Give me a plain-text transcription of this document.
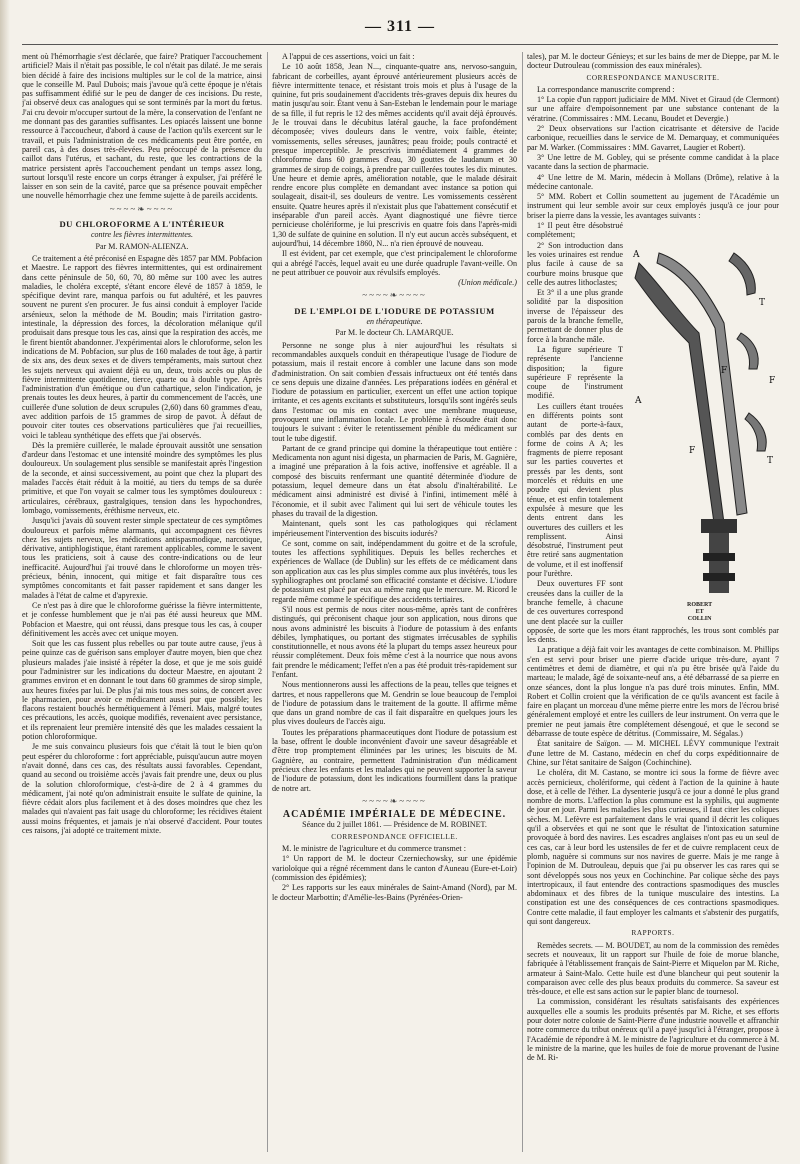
— 311 —

ment où l'hémorrhagie s'est déclarée, que faire? Pratiquer l'accouchement artificiel? Mais il n'était pas possible, le col n'était pas dilaté. Je me serais bien décidé à faire des incisions multiples sur le col de la matrice, ainsi que le conseille M. Paul Dubois; mais j'avoue qu'à cette époque je n'étais pas suffisamment édifié sur le peu de danger de ces incisions. Du reste, j'ai observé deux cas analogues qui se sont terminés par la mort du fœtus. J'ai cru devoir m'occuper surtout de la mère, la conservation de l'enfant ne me donnant pas des garanties suffisantes. Les opiacés laissent une bonne ressource à l'accoucheur, d'abord à cause de l'action qu'ils exercent sur le travail, et puis l'administration de ces médicaments peut être portée, en pareil cas, à des doses très-élevées. Peu préoccupé de la présence du caillot dans l'utérus, et sachant, du reste, que les contractions de la matrice persistent après l'accouchement pendant un temps assez long, surtout lorsqu'il reste encore un corps étranger à expulser, j'ai préféré le laisser en son sein de la cavité, parce que sa présence pouvait empêcher une nouvelle hémorrhagie chez une femme sujette à de pareils accidents.

~~~~❧~~~~
DU CHLOROFORME A L'INTÉRIEUR
contre les fièvres intermittentes.
Par M. RAMON-ALIENZA.

Ce traitement a été préconisé en Espagne dès 1857 par MM. Pobfacion et Maestre. Le rapport des fièvres intermittentes, qui est ordinairement dans cette péninsule de 50, 60, 70, 80 même sur 100 avec les autres maladies, le choléra excepté, s'étant encore élevé de 1857 à 1859, le spécifique devint rare, manqua parfois ou fut adultéré, et les pauvres souvent ne purent s'en procurer. Je fus ainsi conduit à employer l'acide arsénieux, selon la méthode de M. Boudin; mais l'irritation gastro-intestinale, la dépression des forces, la décoloration mélanique qu'il produisait dans presque tous les cas, ainsi que la respiration des accès, me le firent bientôt abandonner. J'expérimentai alors le chloroforme, selon les indications de M. Pobfacion, sur plus de 160 malades de tout âge, à partir de six ans, des deux sexes et de divers tempéraments, mais surtout chez les sujets nerveux qui avaient déjà eu un, deux, trois accès ou plus de fièvre intermittente quotidienne, tierce, quarte ou à double type. Après l'administration d'un émétique ou d'un cathartique, selon l'indication, je prenais toutes les deux heures, à partir du commencement de l'accès, une cuillerée d'une solution de deux scrupules (2,60) dans 60 grammes d'eau, avec addition parfois de 15 grammes de sirop de pavot. À défaut de pouvoir citer toutes ces observations particulières que j'ai recueillies, voici le tableau synthétique des effets que j'ai observés.

Dès la première cuillerée, le malade éprouvait aussitôt une sensation d'ardeur dans l'estomac et une intensité moindre des symptômes les plus douloureux. Un soulagement plus sensible se manifestait après l'ingestion de la seconde, et ainsi successivement, au point que chez la plupart des malades l'accès était réduit à la moitié, au tiers du temps de sa durée primitive, et que l'on voyait se calmer tous les symptômes douloureux : articulaires, cérébraux, gastralgiques, tension dans les hypochondres, lombago, vomissements, éréthisme nerveux, etc.

Jusqu'ici j'avais dû souvent rester simple spectateur de ces symptômes douloureux et parfois même alarmants, qui accompagnent ces fièvres chez les sujets nerveux, les médications antispasmodique, narcotique, dérivative, antiphlogistique, étant rarement applicables, comme le savent tous les praticiens, soit à cause des contre-indications ou de leur inefficacité. Aujourd'hui j'ai trouvé dans le chloroforme un moyen très-précieux, bénin, innocent, qui mitige et fait disparaître tous ces symptômes concomitants et fait passer rapidement et sans danger les malades à l'état de calme et d'apyrexie.

Ce n'est pas à dire que le chloroforme guérisse la fièvre intermittente, et je confesse humblement que je n'ai pas été aussi heureux que MM. Pobfacion et Maestre, qui ont réussi, dans presque tous les cas, à couper définitivement les accès avec cet unique moyen.

Soit que les cas fussent plus rebelles ou par toute autre cause, j'eus à peine quinze cas de guérison sans employer d'autre moyen, bien que chez plusieurs malades j'aie insisté à répéter la dose, et que je me sois guidé pour l'administrer sur les indications du docteur Maestre, en ajoutant 2 grammes environ et en donnant le tout dans 60 grammes de sirop simple, aux heures fixées par lui. De plus j'ai mis tous mes soins, de concert avec le pharmacien, pour avoir ce médicament aussi pur que possible; les flacons restaient bouchés hermétiquement à l'émeri. Mais, malgré toutes ces précautions, les accès, quoique modifiés, revenaient avec persistance, et ils reprenaient leur première intensité dès que les malades cessaient la potion chloroformique.

Je me suis convaincu plusieurs fois que c'était là tout le bien qu'on peut espérer du chloroforme : fort appréciable, puisqu'aucun autre moyen n'avait donné, dans ces cas, des résultats aussi favorables. Cependant, quand au second ou troisième accès j'avais fait prendre une, deux ou plus de la solution chloroformique, c'est-à-dire de 2 à 4 grammes du médicament, j'ai noté qu'on administrait ensuite le sulfate de quinine, la fièvre cédait alors plus facilement et à des doses moindres que chez les malades qui n'avaient pas fait usage du chloroforme; les récidives étaient aussi moins fréquentes, et jamais je n'ai observé d'accident. Pour toutes ces raisons, j'ai adopté ce traitement mixte.

A l'appui de ces assertions, voici un fait :

Le 10 août 1858, Jean N..., cinquante-quatre ans, nervoso-sanguin, fabricant de corbeilles, ayant éprouvé antérieurement plusieurs accès de fièvre intermittente tenace, et résistant trois mois et plus à l'usage de la quinine, fut pris soudainement d'accidents très-graves depuis dix heures du matin jusqu'au soir. Étant venu à San-Esteban le lendemain pour le mariage de sa fille, il fut repris le 12 des mêmes accidents qu'il avait déjà éprouvés. Je le trouvai dans le décubitus latéral gauche, la face profondément décomposée; vives douleurs dans le ventre, voix faible, éteinte; vomissements, selles séreuses, jaunâtres; peau froide; pouls contracté et presque imperceptible. Je prescrivis immédiatement 4 grammes de chloroforme dans 60 grammes d'eau, 30 gouttes de laudanum et 30 grammes de sirop de coings, à prendre par cuillerées toutes les dix minutes. Une heure et demie après, amélioration notable, que le malade désirait rendre encore plus complète en demandant avec instance sa potion qui soulageait, disait-il, ses douleurs de ventre. Les vomissements cessèrent ensuite. Quatre heures après il n'existait plus que l'abattement consécutif et inséparable d'un pareil accès. Ayant diagnostiqué une fièvre tierce pernicieuse cholériforme, je lui prescrivis en quatre fois dans l'après-midi 1,30 de sulfate de quinine en solution. Il n'y eut aucun accès subséquent, et aujourd'hui, 14 décembre 1860, N... n'a rien éprouvé de nouveau.

Il est évident, par cet exemple, que c'est principalement le chloroforme qui a abrégé l'accès, lequel avait eu une durée quadruple l'avant-veille. On ne peut attribuer ce pouvoir aux révulsifs employés.

(Union médicale.)
~~~~❧~~~~
DE L'EMPLOI DE L'IODURE DE POTASSIUM
en thérapeutique.
Par M. le docteur Ch. LAMARQUE.

Personne ne songe plus à nier aujourd'hui les résultats si recommandables auxquels conduit en thérapeutique l'usage de l'iodure de potassium, mais il restait encore à combler une lacune dans son mode d'administration. On sait combien d'essais infructueux ont été tentés dans ce sens depuis une dizaine d'années. Les préparations iodées en général et l'iodure de potassium en particulier, exercent un effet une action topique irritante, et ces agents excitants et substituteurs, lorsqu'ils sont ingérés seuls dans l'estomac ou mis en contact avec une membrane muqueuse, provoquent une inflammation locale. Le problème à résoudre était donc toujours le suivant : éviter le retentissement pénible du médicament sur tout le tube digestif.

Partant de ce grand principe qui domine la thérapeutique tout entière : Medicamenta non agunt nisi digesta, un pharmacien de Paris, M. Gagnière, a imaginé une préparation à la fois active, inoffensive et agréable. Il a composé des biscuits renfermant une quantité déterminée d'iodure de potassium, lequel demeure dans un état absolu d'inaltérabilité. Le médicament ainsi administré est divisé à l'infini, intimement mêlé à l'économie, et il subit avec l'aliment qui lui sert de véhicule toutes les phases du travail de la digestion.

Maintenant, quels sont les cas pathologiques qui réclament impérieusement l'intervention des biscuits iodurés?

Ce sont, comme on sait, indépendamment du goitre et de la scrofule, toutes les affections syphilitiques. Depuis les belles recherches et expériences de Wallace (de Dublin) sur les effets de ce médicament dans son application aux cas les plus simples comme aux plus invétérés, tous les syphiliographes ont proclamé son efficacité constante et décisive. L'iodure de potassium est placé par eux au même rang que le mercure. M. Ricord le regarde même comme le spécifique des accidents tertiaires.

S'il nous est permis de nous citer nous-même, après tant de confrères distingués, qui préconisent chaque jour son application, nous dirons que nous avons administré les biscuits à l'iodure de potassium à des enfants débiles, lymphatiques, ou portant des stigmates irrécusables de syphilis constitutionnelle, et nous avons été la plupart du temps assez heureux pour réussir complétement. Deux fois même c'est à la nourrice que nous avons fait prendre le médicament; l'effet n'en a pas été produit très-rapidement sur l'enfant.

Nous mentionnerons aussi les affections de la peau, telles que teignes et dartres, et nous rappellerons que M. Gendrin se loue beaucoup de l'emploi de l'iodure de potassium dans le traitement de la goutte. Il affirme même que dans un grand nombre de cas il fait disparaître en quelques jours les plus vives douleurs de l'accès aigu.

Toutes les préparations pharmaceutiques dont l'iodure de potassium est la base, offrent le double inconvénient d'avoir une saveur désagréable et d'être trop promptement éliminées par les urines; les biscuits de M. Gagnière, au contraire, permettent l'administration d'un médicament précieux chez les enfants et les malades qui ne peuvent supporter la saveur de l'iodure de potassium, dont les indications fourmillent dans la pratique de notre art.

~~~~❧~~~~
ACADÉMIE IMPÉRIALE DE MÉDECINE.
Séance du 2 juillet 1861. — Présidence de M. ROBINET.
CORRESPONDANCE OFFICIELLE.

M. le ministre de l'agriculture et du commerce transmet :

1° Un rapport de M. le docteur Czerniechowsky, sur une épidémie varioloïque qui a régné récemment dans le canton d'Auneau (Eure-et-Loir) (commission des épidémies);

2° Les rapports sur les eaux minérales de Saint-Amand (Nord), par M. le docteur Marbottin; d'Amélie-les-Bains (Pyrénées-Orien-

tales), par M. le docteur Génieys; et sur les bains de mer de Dieppe, par M. le docteur Dutrouleau (commission des eaux minérales).

CORRESPONDANCE MANUSCRITE.

La correspondance manuscrite comprend :

1° La copie d'un rapport judiciaire de MM. Nivet et Giraud (de Clermont) sur une affaire d'empoisonnement par une substance contenant de la vératrine. (Commissaires : MM. Lecanu, Boudet et Devergie.)

2° Deux observations sur l'action cicatrisante et détersive de l'acide carbonique, recueillies dans le service de M. Demarquay, et communiquées par M. Warker. (Commissaires : MM. Gavarret, Laugier et Robert).

3° Une lettre de M. Gobley, qui se présente comme candidat à la place vacante dans la section de pharmacie.

4° Une lettre de M. Marin, médecin à Mollans (Drôme), relative à la médecine cantonale.

5° MM. Robert et Collin soumettent au jugement de l'Académie un instrument qui leur semble avoir sur ceux employés jusqu'à ce jour pour briser la pierre dans la vessie, les avantages suivants :

A
F
T
F
A
T
F
ROBERT
ET
COLLIN

1° Il peut être désobstrué complétement;

2° Son introduction dans les voies urinaires est rendue plus facile à cause de sa courbure moins brusque que celle des autres lithoclastes;

Et 3° il a une plus grande solidité par la disposition inverse de l'épaisseur des parois de la branche femelle, permettant de donner plus de force à la branche mâle.

La figure supérieure T représente l'ancienne disposition; la figure supérieure F représente la coupe de l'instrument modifié.

Les cuillers étant trouées en différents points sont autant de porte-à-faux, comblés par des dents en forme de coins A A; les fragments de pierre reposant sur les parties couvertes et pressés par les dents, sont morcelés et réduits en une poudre qui devient plus ténue, et est enfin totalement expulsée à mesure que les dents entrent dans les ouvertures des cuillers et les remplissent. Ainsi désobstrué, l'instrument peut être retiré sans augmentation de volume, et il est inoffensif pour l'urèthre.

Deux ouvertures FF sont creusées dans la cuiller de la branche femelle, à chacune de ces ouvertures correspond une dent placée sur la cuiller opposée, de sorte que les mors étant rapprochés, les trous sont comblés par les dents.

La pratique a déjà fait voir les avantages de cette combinaison. M. Phillips s'en est servi pour briser une pierre d'acide urique très-dure, ayant 7 centimètres et demi de diamètre, et qui n'a pu être brisée qu'à l'aide du marteau; le malade, âgé de soixante-neuf ans, a été débarrassé de sa pierre en onze séances, dont la plus longue n'a pas duré trois minutes. Enfin, MM. Robert et Collin croient que la vérification de ce qu'ils avancent est facile à faire en plaçant un morceau d'une même pierre entre les mors de l'écrou brisé généralement employé et entre les cuillers de leur instrument. On verra que le premier ne peut jamais être complétement désengoué, et que le second se débarrasse de toute espèce de détritus. (Commissaire, M. Ségalas.)

État sanitaire de Saïgon. — M. MICHEL LÉVY communique l'extrait d'une lettre de M. Castano, médecin en chef du corps expéditionnaire de Chine, sur l'état sanitaire de Saïgon (Cochinchine).

Le choléra, dit M. Castano, se montre ici sous la forme de fièvre avec accès pernicieux, cholériforme, qui cèdent à l'action de la quinine à haute dose, et à celle de l'éther. La dysenterie jusqu'à ce jour a donné le plus grand nombre de morts. L'affection la plus commune est la syphilis, qui augmente de jour en jour. Parmi les maladies les plus curieuses, il faut citer les coliques sèches. M. Lefèvre est parfaitement dans le vrai quand il décrit les coliques qu'il a observées et qui ne sont que le résultat de l'intoxication saturnine provoquée à bord des navires. Les escadres anglaises n'ont pas eu un seul de ces cas, car à leur bord les ustensiles de fer et de cuivre remplacent ceux de plomb, naguère si communs sur nos navires de guerre. Mais je me range à l'opinion de M. Dutrouleau, depuis que j'ai pu observer les cas rares qui se sont développés sous nos yeux en Cochinchine. Par colique sèche des pays intertropicaux, il faut entendre des contractions spasmodiques des muscles abdominaux et des fibres de la tunique musculaire des intestins. La constipation est une des conséquences de ces contractions spasmodiques. Contre cette maladie, il faut employer les calmants et s'abstenir des purgatifs, qui sont dangereux.

RAPPORTS.

Remèdes secrets. — M. BOUDET, au nom de la commission des remèdes secrets et nouveaux, lit un rapport sur l'huile de foie de morue blanche, fabriquée à l'établissement français de Saint-Pierre et Miquelon par M. Riche, armateur à Saint-Malo. Cette huile est d'une blancheur qui peut soutenir la comparaison avec celle des plus beaux produits du commerce. Sa saveur est très-douce, et elle est sans action sur le papier blanc de tournesol.

La commission, considérant les résultats satisfaisants des expériences auxquelles elle a soumis les produits présentés par M. Riche, et ses efforts pour doter notre colonie de Saint-Pierre d'une industrie nouvelle et affranchir notre commerce du tribut onéreux qu'il a payé jusqu'ici à l'étranger, propose à l'Académie de répondre à M. le ministre de l'agriculture et du commerce à M. le ministre de la marine, que les huiles de foie de morue provenant de l'usine de M. Ri-
